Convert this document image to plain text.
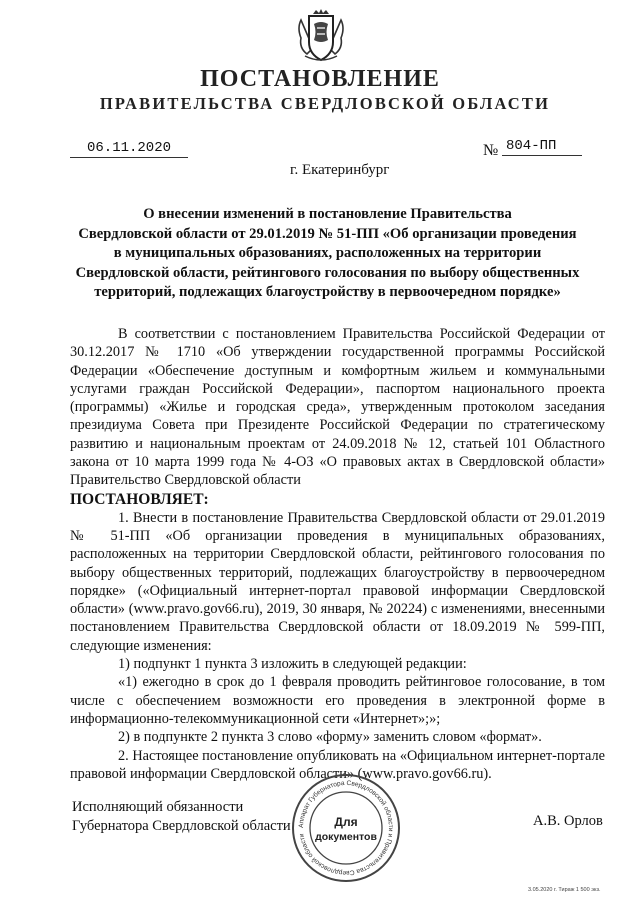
ПОСТАНОВЛЕНИЕ
ПРАВИТЕЛЬСТВА СВЕРДЛОВСКОЙ ОБЛАСТИ
06.11.2020	№ 804-ПП
г. Екатеринбург
О внесении изменений в постановление Правительства
Свердловской области от 29.01.2019 № 51-ПП «Об организации проведения
в муниципальных образованиях, расположенных на территории
Свердловской области, рейтингового голосования по выбору общественных
территорий, подлежащих благоустройству в первоочередном порядке»

В соответствии с постановлением Правительства Российской Федерации от 30.12.2017 № 1710 «Об утверждении государственной программы Российской Федерации «Обеспечение доступным и комфортным жильем и коммунальными услугами граждан Российской Федерации», паспортом национального проекта (программы) «Жилье и городская среда», утвержденным протоколом заседания президиума Совета при Президенте Российской Федерации по стратегическому развитию и национальным проектам от 24.09.2018 № 12, статьей 101 Областного закона от 10 марта 1999 года № 4-ОЗ «О правовых актах в Свердловской области» Правительство Свердловской области

ПОСТАНОВЛЯЕТ:

1. Внести в постановление Правительства Свердловской области от 29.01.2019 № 51-ПП «Об организации проведения в муниципальных образованиях, расположенных на территории Свердловской области, рейтингового голосования по выбору общественных территорий, подлежащих благоустройству в первоочередном порядке» («Официальный интернет-портал правовой информации Свердловской области» (www.pravo.gov66.ru), 2019, 30 января, № 20224) с изменениями, внесенными постановлением Правительства Свердловской области от 18.09.2019 № 599-ПП, следующие изменения:

1) подпункт 1 пункта 3 изложить в следующей редакции:

«1) ежегодно в срок до 1 февраля проводить рейтинговое голосование, в том числе с обеспечением возможности его проведения в электронной форме в информационно-телекоммуникационной сети «Интернет»;»;

2) в подпункте 2 пункта 3 слово «форму» заменить словом «формат».

2. Настоящее постановление опубликовать на «Официальном интернет-портале правовой информации Свердловской области» (www.pravo.gov66.ru).

Исполняющий обязанности
Губернатора Свердловской области	А.В. Орлов
Аппарат Губернатора Свердловской области и Правительства Свердловской области
Для
документов
3.05.2020 г. Тираж 1 500 экз.
